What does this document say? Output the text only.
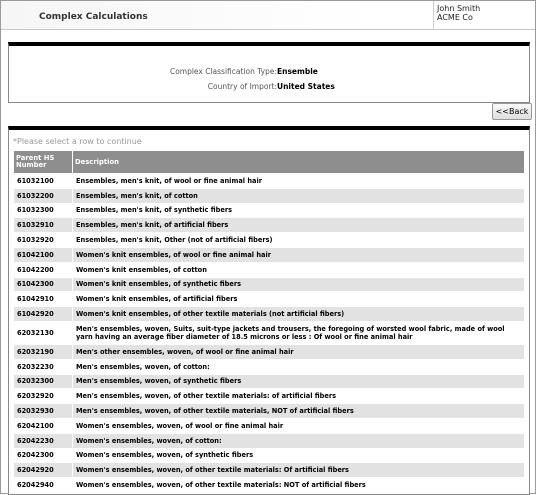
Complex Calculations
John Smith
ACME Co
Complex Classification Type: Ensemble
Country of Import: United States
<<Back
*Please select a row to continue
Parent HS Number	Description
61032100	Ensembles, men's knit, of wool or fine animal hair
61032200	Ensembles, men's knit, of cotton
61032300	Ensembles, men's knit, of synthetic fibers
61032910	Ensembles, men's knit, of artificial fibers
61032920	Ensembles, men's knit, Other (not of artificial fibers)
61042100	Women's knit ensembles, of wool or fine animal hair
61042200	Women's knit ensembles, of cotton
61042300	Women's knit ensembles, of synthetic fibers
61042910	Women's knit ensembles, of artificial fibers
61042920	Women's knit ensembles, of other textile materials (not artificial fibers)
62032130	Men's ensembles, woven, Suits, suit-type jackets and trousers, the foregoing of worsted wool fabric, made of wool yarn having an average fiber diameter of 18.5 microns or less : Of wool or fine animal hair
62032190	Men's other ensembles, woven, of wool or fine animal hair
62032230	Men's ensembles, woven, of cotton:
62032300	Men's ensembles, woven, of synthetic fibers
62032920	Men's ensembles, woven, of other textile materials: of artificial fibers
62032930	Men's ensembles, woven, of other textile materials, NOT of artificial fibers
62042100	Women's ensembles, woven, of wool or fine animal hair
62042230	Women's ensembles, woven, of cotton:
62042300	Women's ensembles, woven, of synthetic fibers
62042920	Women's ensembles, woven, of other textile materials: Of artificial fibers
62042940	Women's ensembles, woven, of other textile materials: NOT of artificial fibers
